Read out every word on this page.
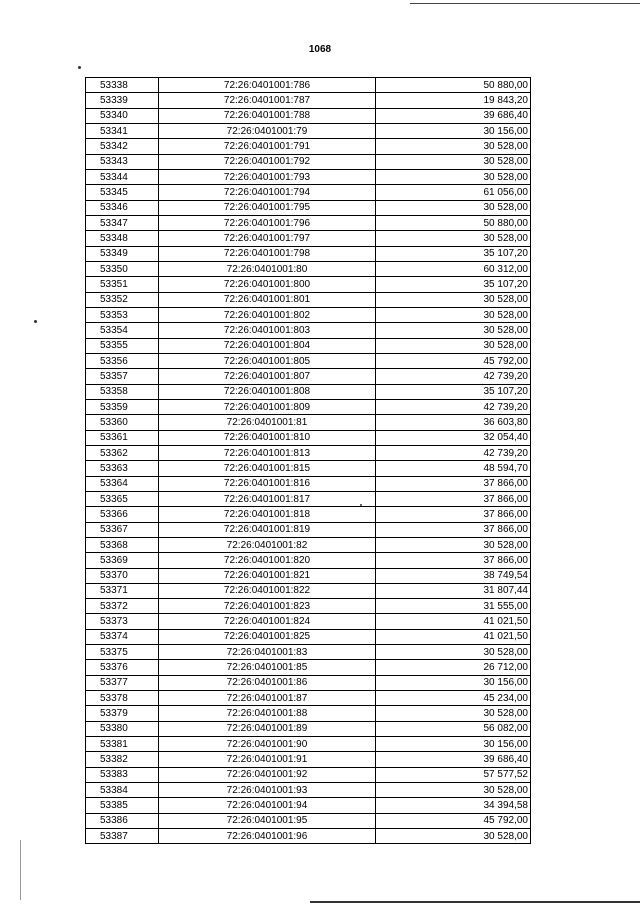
1068
53338	72:26:0401001:786	50 880,00
53339	72:26:0401001:787	19 843,20
53340	72:26:0401001:788	39 686,40
53341	72:26:0401001:79	30 156,00
53342	72:26:0401001:791	30 528,00
53343	72:26:0401001:792	30 528,00
53344	72:26:0401001:793	30 528,00
53345	72:26:0401001:794	61 056,00
53346	72:26:0401001:795	30 528,00
53347	72:26:0401001:796	50 880,00
53348	72:26:0401001:797	30 528,00
53349	72:26:0401001:798	35 107,20
53350	72:26:0401001:80	60 312,00
53351	72:26:0401001:800	35 107,20
53352	72:26:0401001:801	30 528,00
53353	72:26:0401001:802	30 528,00
53354	72:26:0401001:803	30 528,00
53355	72:26:0401001:804	30 528,00
53356	72:26:0401001:805	45 792,00
53357	72:26:0401001:807	42 739,20
53358	72:26:0401001:808	35 107,20
53359	72:26:0401001:809	42 739,20
53360	72:26:0401001:81	36 603,80
53361	72:26:0401001:810	32 054,40
53362	72:26:0401001:813	42 739,20
53363	72:26:0401001:815	48 594,70
53364	72:26:0401001:816	37 866,00
53365	72:26:0401001:817	37 866,00
53366	72:26:0401001:818	37 866,00
53367	72:26:0401001:819	37 866,00
53368	72:26:0401001:82	30 528,00
53369	72:26:0401001:820	37 866,00
53370	72:26:0401001:821	38 749,54
53371	72:26:0401001:822	31 807,44
53372	72:26:0401001:823	31 555,00
53373	72:26:0401001:824	41 021,50
53374	72:26:0401001:825	41 021,50
53375	72:26:0401001:83	30 528,00
53376	72:26:0401001:85	26 712,00
53377	72:26:0401001:86	30 156,00
53378	72:26:0401001:87	45 234,00
53379	72:26:0401001:88	30 528,00
53380	72:26:0401001:89	56 082,00
53381	72:26:0401001:90	30 156,00
53382	72:26:0401001:91	39 686,40
53383	72:26:0401001:92	57 577,52
53384	72:26:0401001:93	30 528,00
53385	72:26:0401001:94	34 394,58
53386	72:26:0401001:95	45 792,00
53387	72:26:0401001:96	30 528,00
